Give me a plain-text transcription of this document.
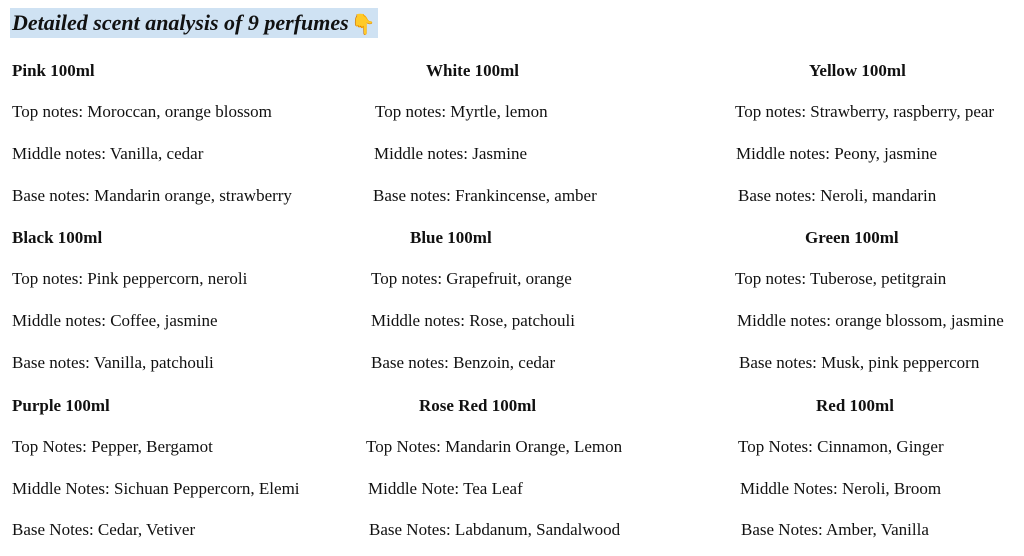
Detailed scent analysis of 9 perfumes 👇
Pink 100ml
Top notes: Moroccan, orange blossom
Middle notes: Vanilla, cedar
Base notes: Mandarin orange, strawberry
White 100ml
Top notes: Myrtle, lemon
Middle notes: Jasmine
Base notes: Frankincense, amber
Yellow 100ml
Top notes: Strawberry, raspberry, pear
Middle notes: Peony, jasmine
Base notes: Neroli, mandarin
Black 100ml
Top notes: Pink peppercorn, neroli
Middle notes: Coffee, jasmine
Base notes: Vanilla, patchouli
Blue 100ml
Top notes: Grapefruit, orange
Middle notes: Rose, patchouli
Base notes: Benzoin, cedar
Green 100ml
Top notes: Tuberose, petitgrain
Middle notes: orange blossom, jasmine
Base notes: Musk, pink peppercorn
Purple 100ml
Top Notes: Pepper, Bergamot
Middle Notes: Sichuan Peppercorn, Elemi
Base Notes: Cedar, Vetiver
Rose Red 100ml
Top Notes: Mandarin Orange, Lemon
Middle Note: Tea Leaf
Base Notes: Labdanum, Sandalwood
Red 100ml
Top Notes: Cinnamon, Ginger
Middle Notes: Neroli, Broom
Base Notes: Amber, Vanilla
